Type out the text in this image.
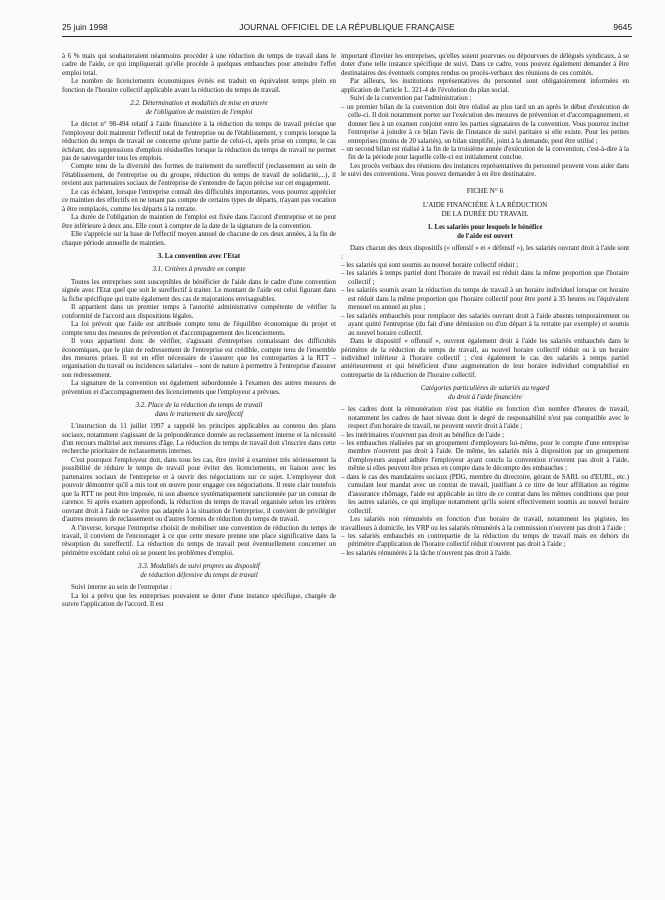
JOURNAL OFFICIEL DE LA RÉPUBLIQUE FRANÇAISE
25 juin 1998	9645

à 6 % mais qui souhaiteraient néanmoins procéder à une réduction du temps de travail dans le cadre de l'aide, ce qui impliquerait qu'elle procède à quelques embauches pour atteindre l'effet emploi total.

Le nombre de licenciements économiques évités est traduit en équivalent temps plein en fonction de l'horaire collectif applicable avant la réduction du temps de travail.

2.2. Détermination et modalités de mise en œuvre
de l'obligation de maintien de l'emploi

Le décret n° 98-494 relatif à l'aide financière à la réduction du temps de travail précise que l'employeur doit maintenir l'effectif total de l'entreprise ou de l'établissement, y compris lorsque la réduction du temps de travail ne concerne qu'une partie de celui-ci, après prise en compte, le cas échéant, des suppressions d'emplois résiduelles lorsque la réduction du temps de travail ne permet pas de sauvegarder tous les emplois.

Compte tenu de la diversité des formes de traitement du sureffectif (reclassement au sein de l'établissement, de l'entreprise ou du groupe, réduction du temps de travail de solidarité,...), il revient aux partenaires sociaux de l'entreprise de s'entendre de façon précise sur cet engagement.

Le cas échéant, lorsque l'entreprise connaît des difficultés importantes, vous pourrez apprécier ce maintien des effectifs en ne tenant pas compte de certains types de départs, n'ayant pas vocation à être remplacés, comme les départs à la retraite.

La durée de l'obligation de maintien de l'emploi est fixée dans l'accord d'entreprise et ne peut être inférieure à deux ans. Elle court à compter de la date de la signature de la convention.

Elle s'apprécie sur la base de l'effectif moyen annuel de chacune de ces deux années, à la fin de chaque période annuelle de maintien.

3. La convention avec l'Etat

3.1. Critères à prendre en compte

Toutes les entreprises sont susceptibles de bénéficier de l'aide dans le cadre d'une convention signée avec l'Etat quel que soit le sureffectif à traiter. Le montant de l'aide est celui figurant dans la fiche spécifique qui traite également des cas de majorations envisageables.

Il appartient dans un premier temps à l'autorité administrative compétente de vérifier la conformité de l'accord aux dispositions légales.

La loi prévoit que l'aide est attribuée compte tenu de l'équilibre économique du projet et compte tenu des mesures de prévention et d'accompagnement des licenciements.

Il vous appartient donc de vérifier, s'agissant d'entreprises connaissant des difficultés économiques, que le plan de redressement de l'entreprise est crédible, compte tenu de l'ensemble des mesures prises. Il est en effet nécessaire de s'assurer que les contreparties à la RTT – organisation du travail ou incidences salariales – sont de nature à permettre à l'entreprise d'assurer son redressement.

La signature de la convention est également subordonnée à l'examen des autres mesures de prévention et d'accompagnement des licenciements que l'employeur a prévues.

3.2. Place de la réduction du temps de travail
dans le traitement du sureffectif

L'instruction du 11 juillet 1997 a rappelé les principes applicables au contenu des plans sociaux, notamment s'agissant de la prépondérance donnée au reclassement interne et la nécessité d'un recours maîtrisé aux mesures d'âge. La réduction du temps de travail doit s'inscrire dans cette recherche prioritaire de reclassements internes.

C'est pourquoi l'employeur doit, dans tous les cas, être invité à examiner très sérieusement la possibilité de réduire le temps de travail pour éviter des licenciements, en liaison avec les partenaires sociaux de l'entreprise et à ouvrir des négociations sur ce sujet. L'employeur doit pouvoir démontrer qu'il a mis tout en œuvre pour engager ces négociations. Il reste clair toutefois que la RTT ne peut être imposée, ni son absence systématiquement sanctionnée par un constat de carence. Si après examen approfondi, la réduction du temps de travail organisée selon les critères ouvrant droit à l'aide ne s'avère pas adaptée à la situation de l'entreprise, il convient de privilégier d'autres mesures de reclassement ou d'autres formes de réduction du temps de travail.

A l'inverse, lorsque l'entreprise choisit de mobiliser une convention de réduction du temps de travail, il convient de l'encourager à ce que cette mesure prenne une place significative dans la résorption du sureffectif. La réduction du temps de travail peut éventuellement concerner un périmètre excédant celui où se posent les problèmes d'emploi.

3.3. Modalités de suivi propres au dispositif
de réduction défensive du temps de travail

Suivi interne au sein de l'entreprise :

La loi a prévu que les entreprises pouvaient se doter d'une instance spécifique, chargée de suivre l'application de l'accord. Il est

important d'inviter les entreprises, qu'elles soient pourvues ou dépourvues de délégués syndicaux, à se doter d'une telle instance spécifique de suivi. Dans ce cadre, vous pouvez également demander à être destinataires des éventuels comptes rendus ou procès-verbaux des réunions de ces comités.

Par ailleurs, les institutions représentatives du personnel sont obligatoirement informées en application de l'article L. 321-4 de l'évolution du plan social.

Suivi de la convention par l'administration :

– un premier bilan de la convention doit être réalisé au plus tard un an après le début d'exécution de celle-ci. Il doit notamment porter sur l'exécution des mesures de prévention et d'accompagnement, et donner lieu à un examen conjoint entre les parties signataires de la convention. Vous pourrez inciter l'entreprise à joindre à ce bilan l'avis de l'instance de suivi paritaire si elle existe. Pour les petites entreprises (moins de 20 salariés), un bilan simplifié, joint à la demande, peut être utilisé ;
– un second bilan est réalisé à la fin de la troisième année d'exécution de la convention, c'est-à-dire à la fin de la période pour laquelle celle-ci est initialement conclue.

Les procès verbaux des réunions des instances représentatives du personnel peuvent vous aider dans le suivi des conventions. Vous pouvez demander à en être destinataire.

FICHE N° 6
L'AIDE FINANCIÈRE À LA RÉDUCTION
DE LA DURÉE DU TRAVAIL

1. Les salariés pour lesquels le bénéfice
de l'aide est ouvert

Dans chacun des deux dispositifs (« offensif » et « défensif »), les salariés ouvrant droit à l'aide sont :

– les salariés qui sont soumis au nouvel horaire collectif réduit ;
– les salariés à temps partiel dont l'horaire de travail est réduit dans la même proportion que l'horaire collectif ;
– les salariés soumis avant la réduction du temps de travail à un horaire individuel lorsque cet horaire est réduit dans la même proportion que l'horaire collectif pour être porté à 35 heures ou l'équivalent mensuel ou annuel au plus ;
– les salariés embauchés pour remplacer des salariés ouvrant droit à l'aide absents temporairement ou ayant quitté l'entreprise (du fait d'une démission ou d'un départ à la retraite par exemple) et soumis au nouvel horaire collectif.

Dans le dispositif « offensif », ouvrent également droit à l'aide les salariés embauchés dans le périmètre de la réduction du temps de travail, au nouvel horaire collectif réduit ou à un horaire individuel inférieur à l'horaire collectif ; c'est également le cas des salariés à temps partiel antérieurement et qui bénéficient d'une augmentation de leur horaire individuel comptabilisé en contrepartie de la réduction de l'horaire collectif.

Catégories particulières de salariés au regard
du droit à l'aide financière

– les cadres dont la rémunération n'est pas établie en fonction d'un nombre d'heures de travail, notamment les cadres de haut niveau dont le degré de responsabilité n'est pas compatible avec le respect d'un horaire de travail, ne peuvent ouvrir droit à l'aide ;
– les intérimaires n'ouvrent pas droit au bénéfice de l'aide ;
– les embauches réalisées par un groupement d'employeurs lui-même, pour le compte d'une entreprise membre n'ouvrent pas droit à l'aide. De même, les salariés mis à disposition par un groupement d'employeurs auquel adhère l'employeur ayant conclu la convention n'ouvrent pas droit à l'aide, même si elles peuvent être prises en compte dans le décompte des embauches ;
– dans le cas des mandataires sociaux (PDG, membre du directoire, gérant de SARL ou d'EURL, etc.) cumulant leur mandat avec un contrat de travail, justifiant à ce titre de leur affiliation au régime d'assurance chômage, l'aide est applicable au titre de ce contrat dans les mêmes conditions que pour les autres salariés, ce qui implique notamment qu'ils soient effectivement soumis au nouvel horaire collectif.

Les salariés non rémunérés en fonction d'un horaire de travail, notamment les pigistes, les travailleurs à domicile, les VRP ou les salariés rémunérés à la commission n'ouvrent pas droit à l'aide :

– les salariés embauchés en contrepartie de la réduction du temps de travail mais en dehors du périmètre d'application de l'horaire collectif réduit n'ouvrent pas droit à l'aide ;
– les salariés rémunérés à la tâche n'ouvrent pas droit à l'aide.
